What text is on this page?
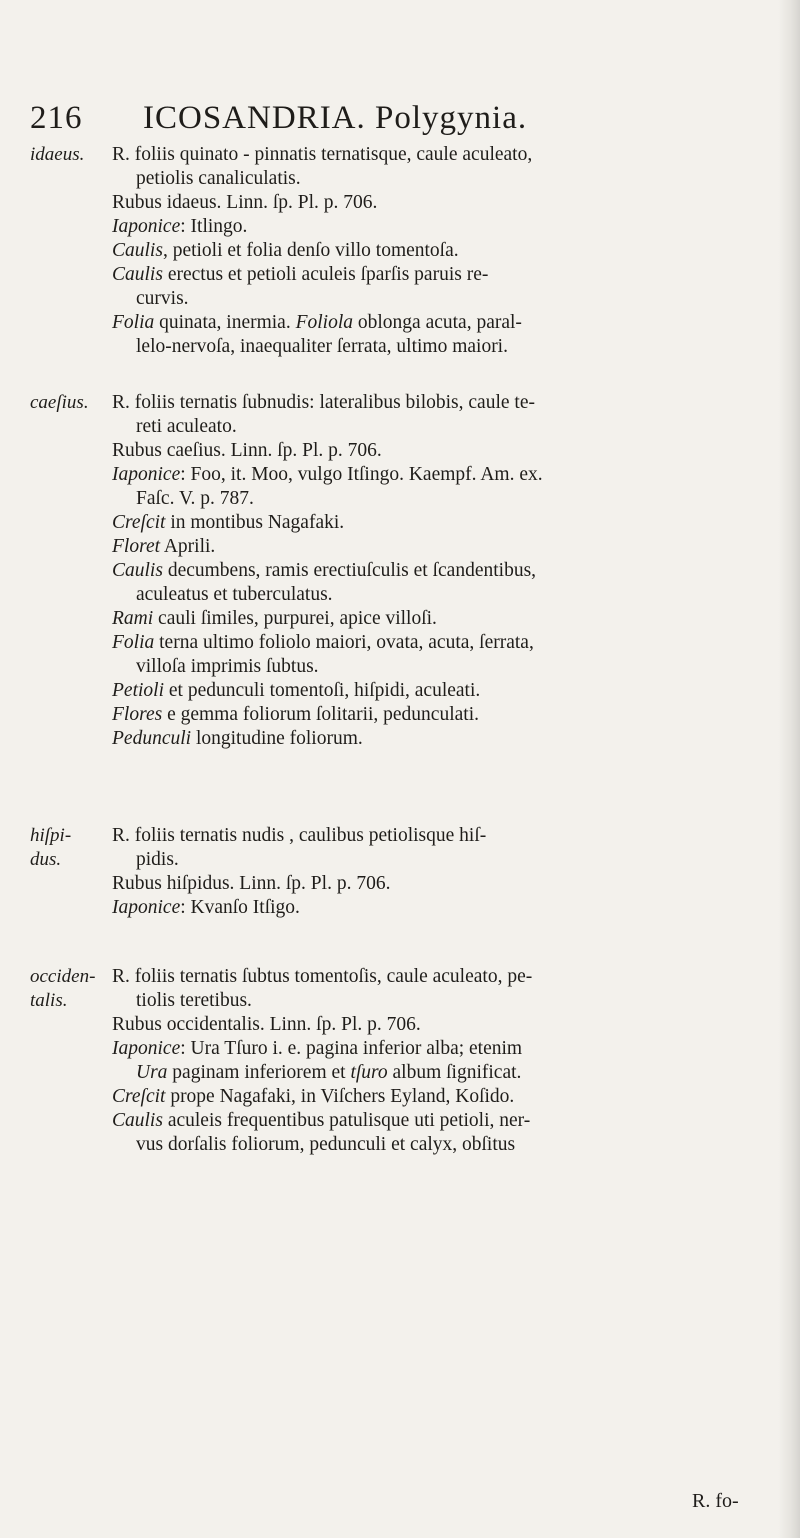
216 ICOSANDRIA. Polygynia.
idaeus.	R. foliis quinato - pinnatis ternatisque, caule aculeato,
petiolis canaliculatis.
Rubus idaeus. Linn. ſp. Pl. p. 706.
Iaponice: Itlingo.
Caulis, petioli et folia denſo villo tomentoſa.
Caulis erectus et petioli aculeis ſparſis paruis re-
curvis.
Folia quinata, inermia. Foliola oblonga acuta, paral-
lelo-nervoſa, inaequaliter ſerrata, ultimo maiori.
caeſius.	R. foliis ternatis ſubnudis: lateralibus bilobis, caule te-
reti aculeato.
Rubus caeſius. Linn. ſp. Pl. p. 706.
Iaponice: Foo, it. Moo, vulgo Itſingo. Kaempf. Am. ex.
Faſc. V. p. 787.
Creſcit in montibus Nagafaki.
Floret Aprili.
Caulis decumbens, ramis erectiuſculis et ſcandentibus,
aculeatus et tuberculatus.
Rami cauli ſimiles, purpurei, apice villoſi.
Folia terna ultimo foliolo maiori, ovata, acuta, ſerrata,
villoſa imprimis ſubtus.
Petioli et pedunculi tomentoſi, hiſpidi, aculeati.
Flores e gemma foliorum ſolitarii, pedunculati.
Pedunculi longitudine foliorum.
hiſpi-
dus.
R. foliis ternatis nudis , caulibus petiolisque hiſ-
pidis.
Rubus hiſpidus. Linn. ſp. Pl. p. 706.
Iaponice: Kvanſo Itſigo.
occiden-
talis.
R. foliis ternatis ſubtus tomentoſis, caule aculeato, pe-
tiolis teretibus.
Rubus occidentalis. Linn. ſp. Pl. p. 706.
Iaponice: Ura Tſuro i. e. pagina inferior alba; etenim
Ura paginam inferiorem et tſuro album ſignificat.
Creſcit prope Nagafaki, in Viſchers Eyland, Koſido.
Caulis aculeis frequentibus patulisque uti petioli, ner-
vus dorſalis foliorum, pedunculi et calyx, obſitus
R. fo-
